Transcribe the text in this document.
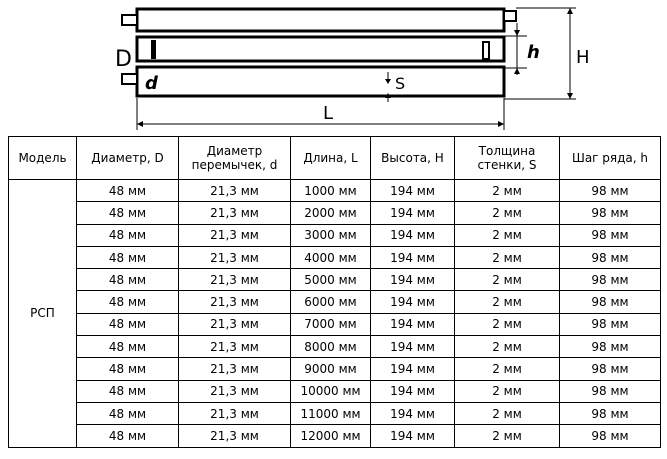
D
d	S
h H
L
Модель	Диаметр, D	Диаметр перемычек, d	Длина, L	Высота, H	Толщина стенки, S	Шаг ряда, h
РСП	48 мм	21,3 мм	1000 мм	194 мм	2 мм	98 мм
	48 мм	21,3 мм	2000 мм	194 мм	2 мм	98 мм
	48 мм	21,3 мм	3000 мм	194 мм	2 мм	98 мм
	48 мм	21,3 мм	4000 мм	194 мм	2 мм	98 мм
	48 мм	21,3 мм	5000 мм	194 мм	2 мм	98 мм
	48 мм	21,3 мм	6000 мм	194 мм	2 мм	98 мм
	48 мм	21,3 мм	7000 мм	194 мм	2 мм	98 мм
	48 мм	21,3 мм	8000 мм	194 мм	2 мм	98 мм
	48 мм	21,3 мм	9000 мм	194 мм	2 мм	98 мм
	48 мм	21,3 мм	10000 мм	194 мм	2 мм	98 мм
	48 мм	21,3 мм	11000 мм	194 мм	2 мм	98 мм
	48 мм	21,3 мм	12000 мм	194 мм	2 мм	98 мм
